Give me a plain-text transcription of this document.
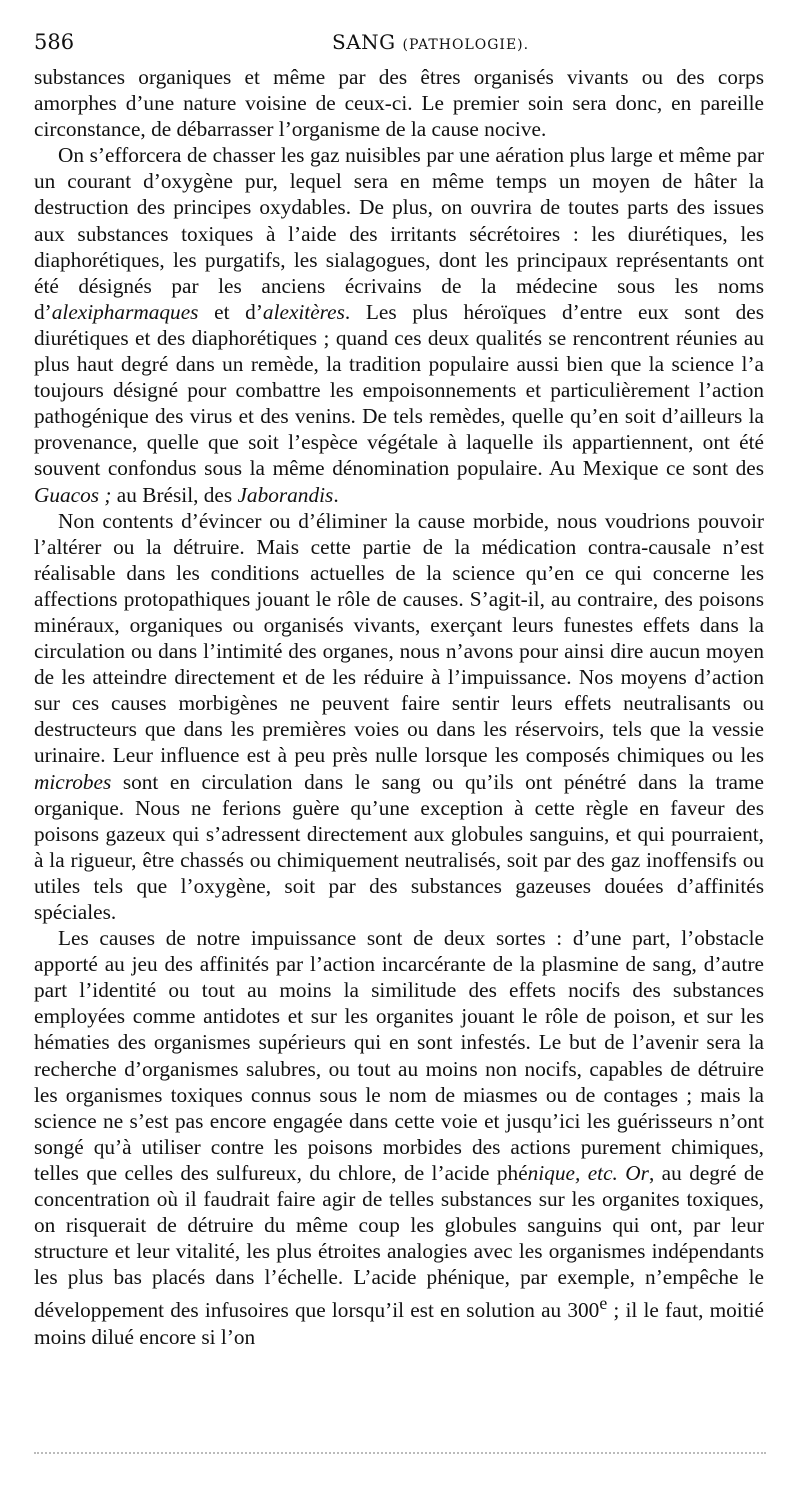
586	SANG (PATHOLOGIE).

substances organiques et même par des êtres organisés vivants ou des corps amorphes d’une nature voisine de ceux-ci. Le premier soin sera donc, en pareille circonstance, de débarrasser l’organisme de la cause nocive.

On s’efforcera de chasser les gaz nuisibles par une aération plus large et même par un courant d’oxygène pur, lequel sera en même temps un moyen de hâter la destruction des principes oxydables. De plus, on ouvrira de toutes parts des issues aux substances toxiques à l’aide des irritants sécrétoires : les diurétiques, les diaphorétiques, les purgatifs, les sialagogues, dont les principaux représentants ont été désignés par les anciens écrivains de la médecine sous les noms d’alexipharmaques et d’alexitères. Les plus héroïques d’entre eux sont des diurétiques et des diaphorétiques ; quand ces deux qualités se rencontrent réunies au plus haut degré dans un remède, la tradition populaire aussi bien que la science l’a toujours désigné pour combattre les empoisonnements et particulièrement l’action pathogénique des virus et des venins. De tels remèdes, quelle qu’en soit d’ailleurs la provenance, quelle que soit l’espèce végétale à laquelle ils appartiennent, ont été souvent confondus sous la même dénomination populaire. Au Mexique ce sont des Guacos ; au Brésil, des Jaborandis.

Non contents d’évincer ou d’éliminer la cause morbide, nous voudrions pouvoir l’altérer ou la détruire. Mais cette partie de la médication contra-causale n’est réalisable dans les conditions actuelles de la science qu’en ce qui concerne les affections protopathiques jouant le rôle de causes. S’agit-il, au contraire, des poisons minéraux, organiques ou organisés vivants, exerçant leurs funestes effets dans la circulation ou dans l’intimité des organes, nous n’avons pour ainsi dire aucun moyen de les atteindre directement et de les réduire à l’impuissance. Nos moyens d’action sur ces causes morbigènes ne peuvent faire sentir leurs effets neutralisants ou destructeurs que dans les premières voies ou dans les réservoirs, tels que la vessie urinaire. Leur influence est à peu près nulle lorsque les composés chimiques ou les microbes sont en circulation dans le sang ou qu’ils ont pénétré dans la trame organique. Nous ne ferions guère qu’une exception à cette règle en faveur des poisons gazeux qui s’adressent directement aux globules sanguins, et qui pourraient, à la rigueur, être chassés ou chimiquement neutralisés, soit par des gaz inoffensifs ou utiles tels que l’oxygène, soit par des substances gazeuses douées d’affinités spéciales.

Les causes de notre impuissance sont de deux sortes : d’une part, l’obstacle apporté au jeu des affinités par l’action incarcérante de la plasmine de sang, d’autre part l’identité ou tout au moins la similitude des effets nocifs des substances employées comme antidotes et sur les organites jouant le rôle de poison, et sur les hématies des organismes supérieurs qui en sont infestés. Le but de l’avenir sera la recherche d’organismes salubres, ou tout au moins non nocifs, capables de détruire les organismes toxiques connus sous le nom de miasmes ou de contages ; mais la science ne s’est pas encore engagée dans cette voie et jusqu’ici les guérisseurs n’ont songé qu’à utiliser contre les poisons morbides des actions purement chimiques, telles que celles des sulfureux, du chlore, de l’acide phénique, etc. Or, au degré de concentration où il faudrait faire agir de telles substances sur les organites toxiques, on risquerait de détruire du même coup les globules sanguins qui ont, par leur structure et leur vitalité, les plus étroites analogies avec les organismes indépendants les plus bas placés dans l’échelle. L’acide phénique, par exemple, n’empêche le développement des infusoires que lorsqu’il est en solution au 300e ; il le faut, moitié moins dilué encore si l’on
